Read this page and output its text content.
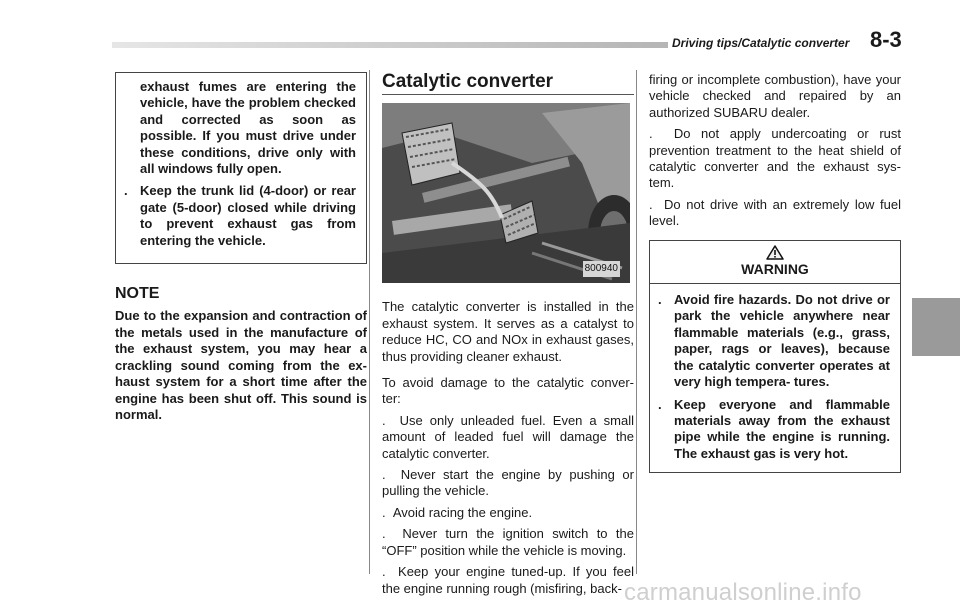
Driving tips/Catalytic converter 8-3
exhaust fumes are entering the vehicle, have the problem checked and corrected as soon as possible. If you must drive under these conditions, drive only with all windows fully open.
. Keep the trunk lid (4-door) or rear gate (5-door) closed while driving to prevent exhaust gas from entering the vehicle.
NOTE
Due to the expansion and contraction of the metals used in the manufacture of the exhaust system, you may hear a crackling sound coming from the ex- haust system for a short time after the engine has been shut off. This sound is normal.
Catalytic converter
800940
The catalytic converter is installed in the exhaust system. It serves as a catalyst to reduce HC, CO and NOx in exhaust gases, thus providing cleaner exhaust.
To avoid damage to the catalytic conver- ter:
. Use only unleaded fuel. Even a small amount of leaded fuel will damage the catalytic converter.
. Never start the engine by pushing or pulling the vehicle.
. Avoid racing the engine.
. Never turn the ignition switch to the “OFF” position while the vehicle is moving.
. Keep your engine tuned-up. If you feel the engine running rough (misfiring, back-
firing or incomplete combustion), have your vehicle checked and repaired by an authorized SUBARU dealer.
. Do not apply undercoating or rust prevention treatment to the heat shield of catalytic converter and the exhaust sys- tem.
. Do not drive with an extremely low fuel level.
WARNING
. Avoid fire hazards. Do not drive or park the vehicle anywhere near flammable materials (e.g., grass, paper, rags or leaves), because the catalytic converter operates at very high tempera- tures.
. Keep everyone and flammable materials away from the exhaust pipe while the engine is running. The exhaust gas is very hot.
carmanualsonline.info
